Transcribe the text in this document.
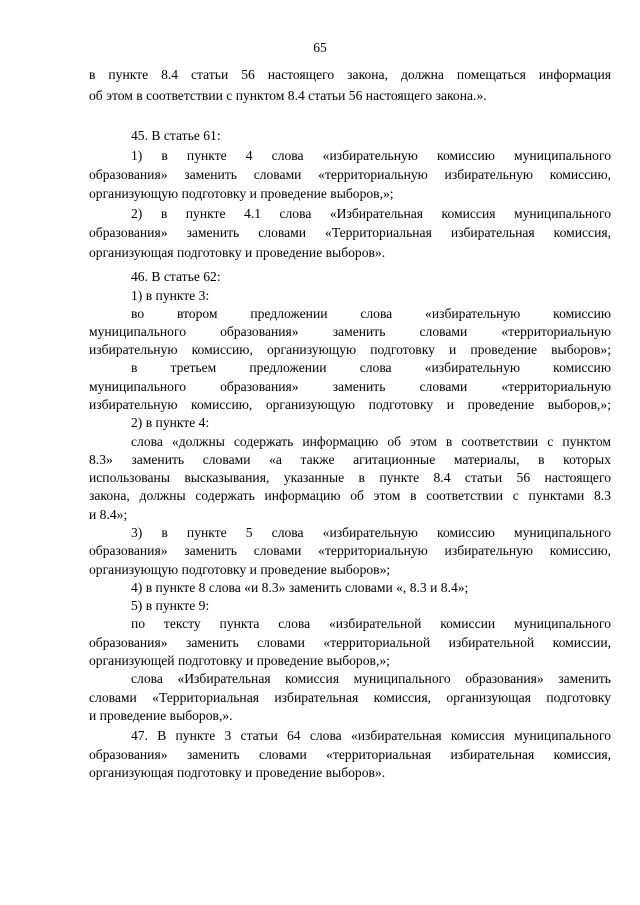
65
в пункте 8.4 статьи 56 настоящего закона, должна помещаться информация
об этом в соответствии с пунктом 8.4 статьи 56 настоящего закона.».
45. В статье 61:
1) в пункте 4 слова «избирательную комиссию муниципального
образования» заменить словами «территориальную избирательную комиссию,
организующую подготовку и проведение выборов,»;
2) в пункте 4.1 слова «Избирательная комиссия муниципального
образования» заменить словами «Территориальная избирательная комиссия,
организующая подготовку и проведение выборов».
46. В статье 62:
1) в пункте 3:
во втором предложении слова «избирательную комиссию
муниципального образования» заменить словами «территориальную
избирательную комиссию, организующую подготовку и проведение выборов»;
в третьем предложении слова «избирательную комиссию
муниципального образования» заменить словами «территориальную
избирательную комиссию, организующую подготовку и проведение выборов,»;
2) в пункте 4:
слова «должны содержать информацию об этом в соответствии с пунктом
8.3» заменить словами «а также агитационные материалы, в которых
использованы высказывания, указанные в пункте 8.4 статьи 56 настоящего
закона, должны содержать информацию об этом в соответствии с пунктами 8.3
и 8.4»;
3) в пункте 5 слова «избирательную комиссию муниципального
образования» заменить словами «территориальную избирательную комиссию,
организующую подготовку и проведение выборов»;
4) в пункте 8 слова «и 8.3» заменить словами «, 8.3 и 8.4»;
5) в пункте 9:
по тексту пункта слова «избирательной комиссии муниципального
образования» заменить словами «территориальной избирательной комиссии,
организующей подготовку и проведение выборов,»;
слова «Избирательная комиссия муниципального образования» заменить
словами «Территориальная избирательная комиссия, организующая подготовку
и проведение выборов,».
47. В пункте 3 статьи 64 слова «избирательная комиссия муниципального
образования» заменить словами «территориальная избирательная комиссия,
организующая подготовку и проведение выборов».
